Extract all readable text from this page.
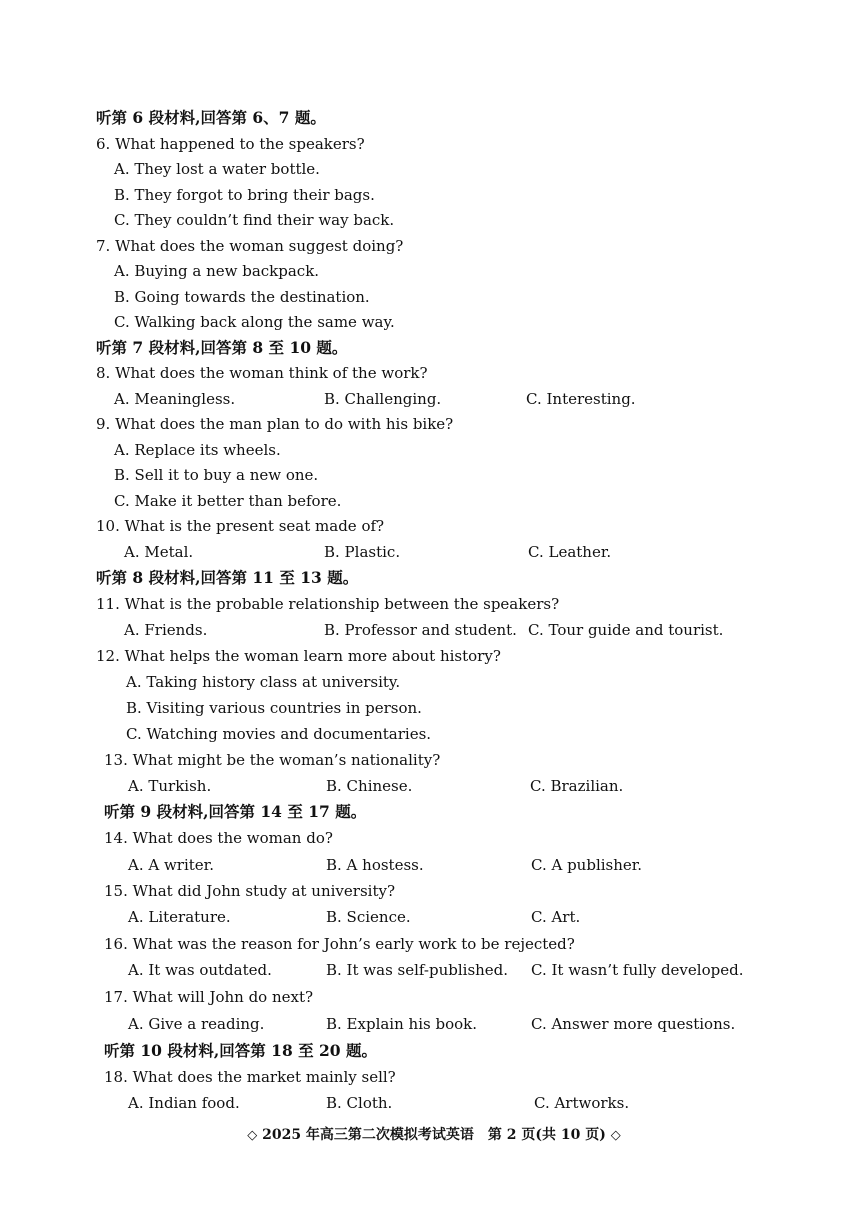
听第 6 段材料,回答第 6、7 题。
6. What happened to the speakers?
A. They lost a water bottle.
B. They forgot to bring their bags.
C. They couldn’t find their way back.
7. What does the woman suggest doing?
A. Buying a new backpack.
B. Going towards the destination.
C. Walking back along the same way.
听第 7 段材料,回答第 8 至 10 题。
8. What does the woman think of the work?
A. Meaningless.	B. Challenging.	C. Interesting.
9. What does the man plan to do with his bike?
A. Replace its wheels.
B. Sell it to buy a new one.
C. Make it better than before.
10. What is the present seat made of?
A. Metal.	B. Plastic.	C. Leather.
听第 8 段材料,回答第 11 至 13 题。
11. What is the probable relationship between the speakers?
A. Friends.	B. Professor and student. C. Tour guide and tourist.
12. What helps the woman learn more about history?
A. Taking history class at university.
B. Visiting various countries in person.
C. Watching movies and documentaries.
13. What might be the woman’s nationality?
A. Turkish.	B. Chinese.	C. Brazilian.
听第 9 段材料,回答第 14 至 17 题。
14. What does the woman do?
A. A writer.	B. A hostess.	C. A publisher.
15. What did John study at university?
A. Literature.	B. Science.	C. Art.
16. What was the reason for John’s early work to be rejected?
A. It was outdated.	B. It was self-published. C. It wasn’t fully developed.
17. What will John do next?
A. Give a reading.	B. Explain his book.	C. Answer more questions.
听第 10 段材料,回答第 18 至 20 题。
18. What does the market mainly sell?
A. Indian food.	B. Cloth.	C. Artworks.
◇ 2025 年高三第二次模拟考试英语　第 2 页(共 10 页) ◇
